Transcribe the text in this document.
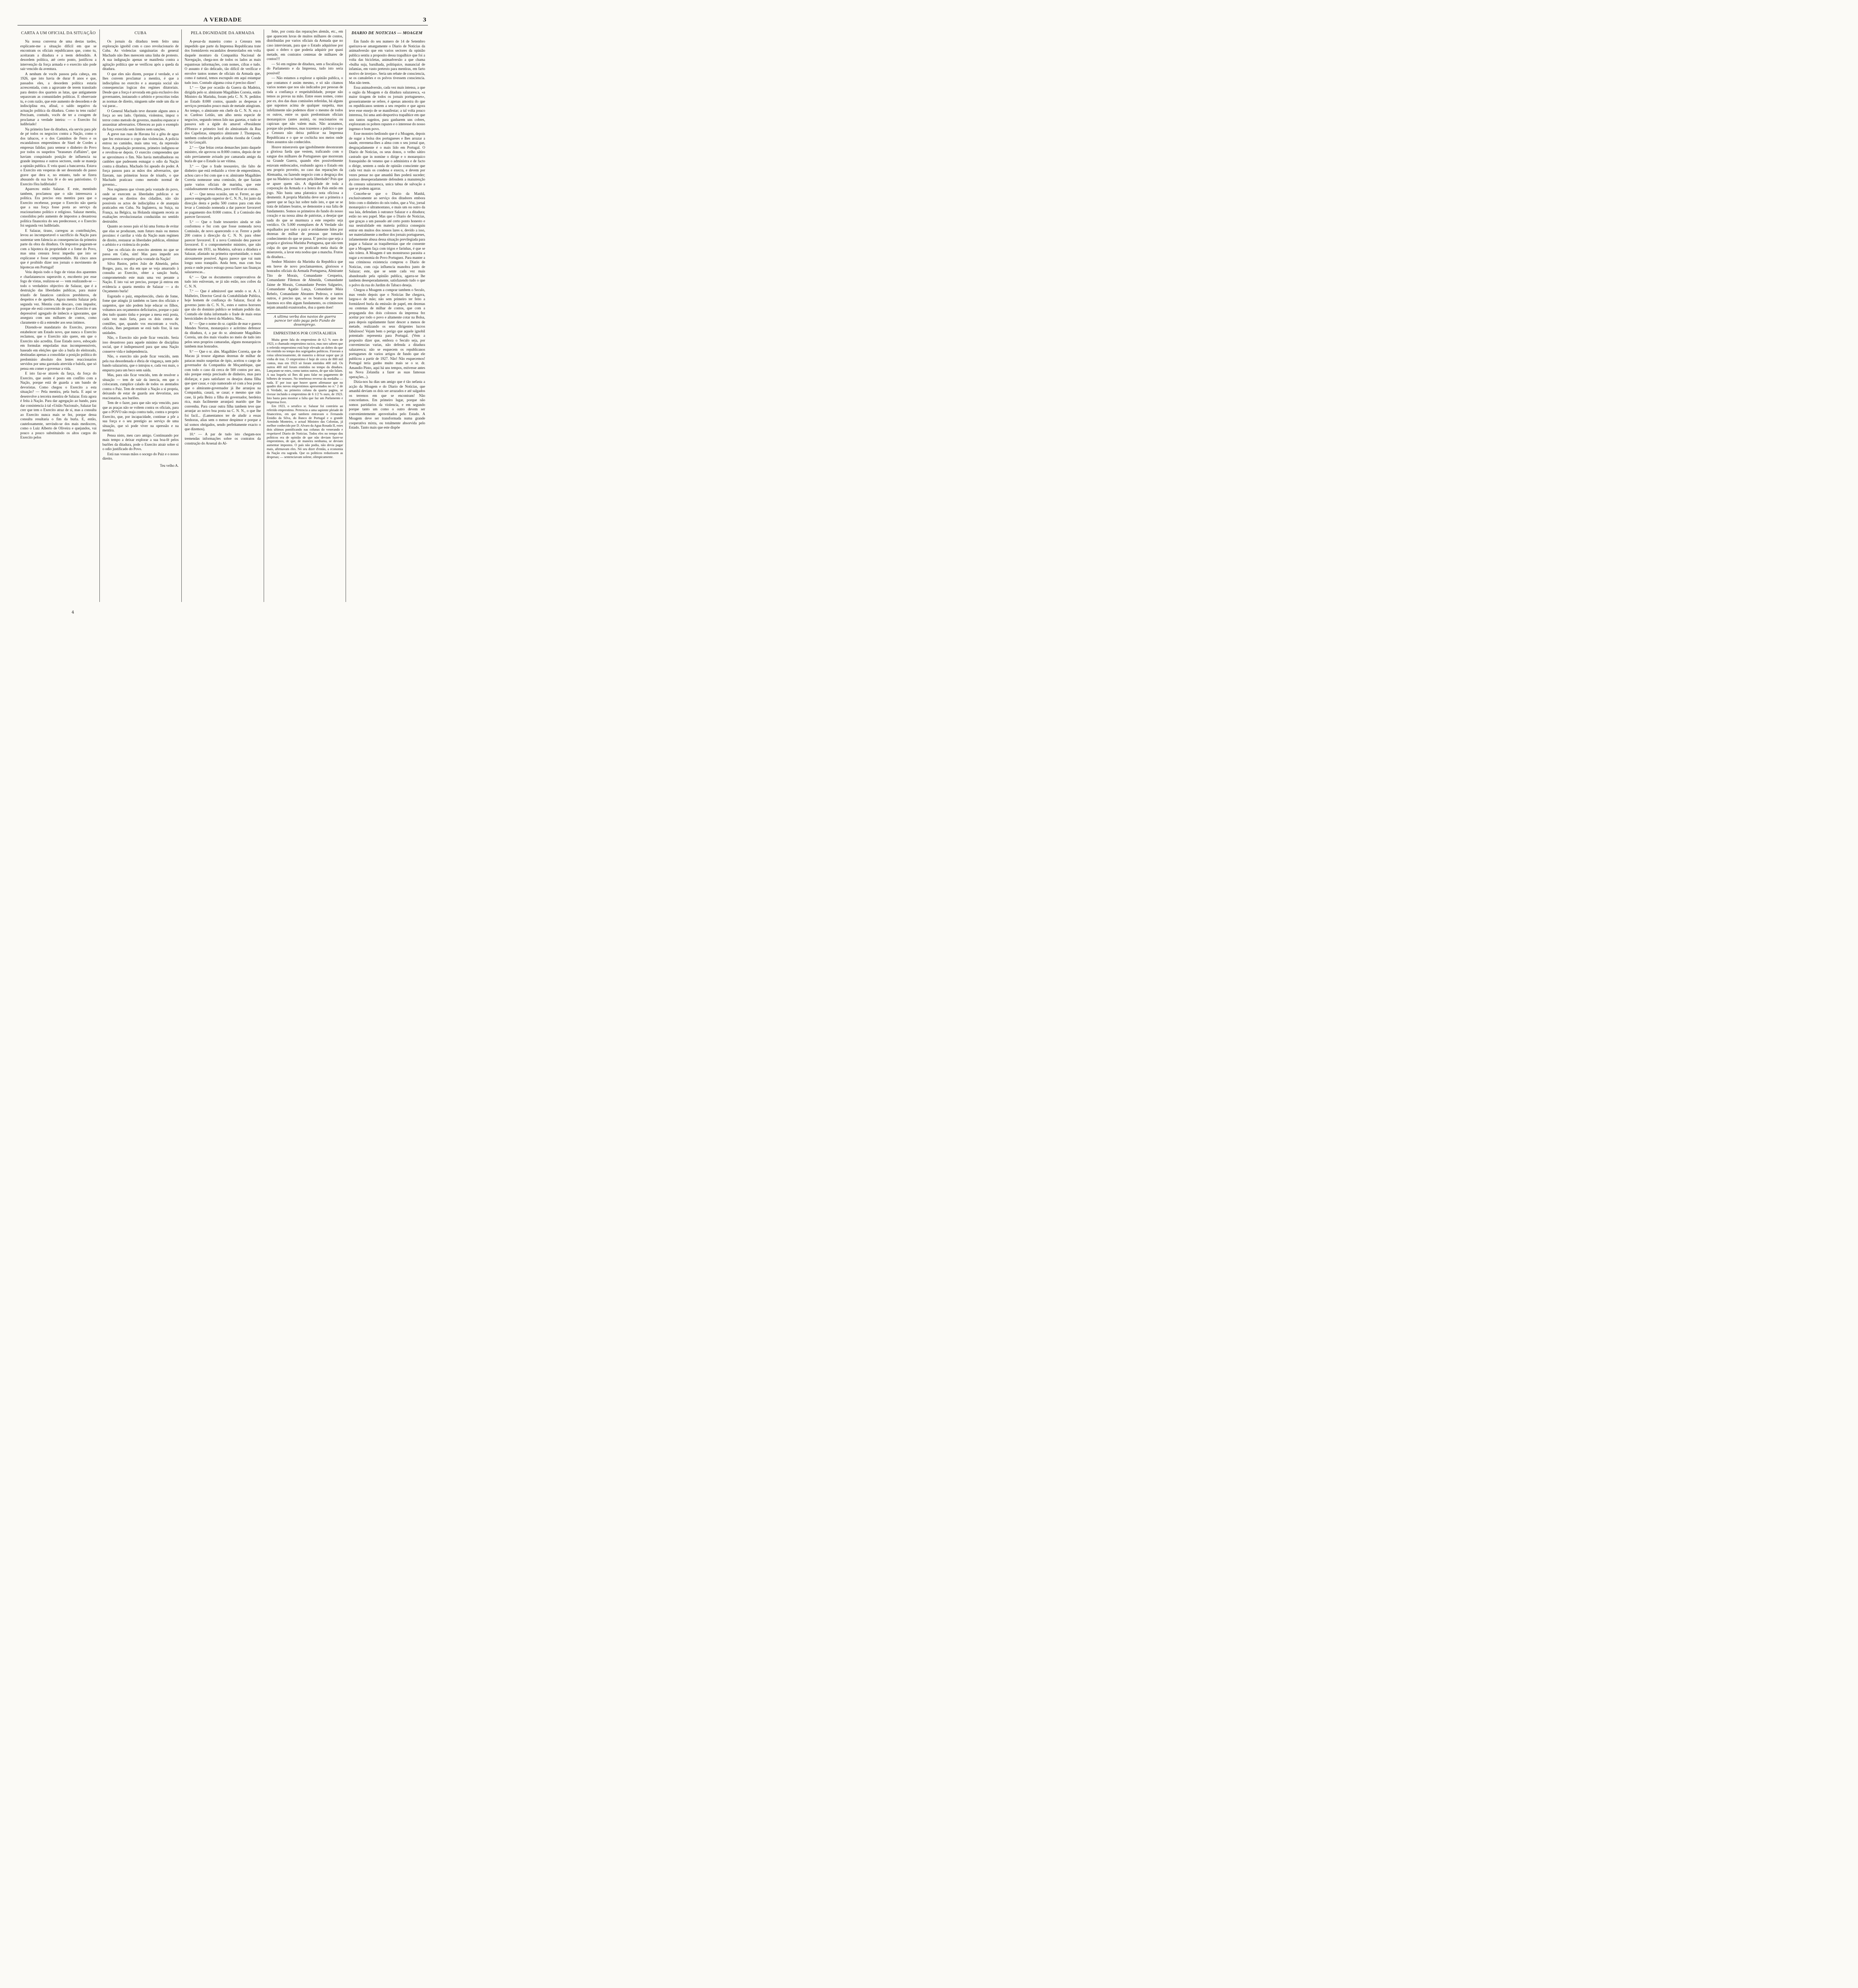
A VERDADE	3
CARTA A UM OFICIAL DA SITUAÇÃO

Na nossa conversa de uma destas tardes, explicaste-me a situação difícil em que se encontram os oficiais republicanos que, como tu, aceitaram a ditadura e a teem defendido. A desordem política, até certo ponto, justificou a intervenção da força armada e o exercito não pode sair vencido da aventura.

A nenhum de vocês passou pela cabeça, em 1926, que isto havia de durar 8 anos e que, passados eles, a desordem política estaria acrescentada, com a agravante de terem transitado para dentro dos quarteis as lutas, que antigamente separavam as comunidades políticas. E observaste tu, e com razão, que este aumento de desordem e de indisciplina era, afinal, o saldo negativo da actuação política da ditadura. Como tu tens razão! Precisam, contudo, vocês de ter a coragem de proclamar a verdade inteira: — o Exercito foi ludibriado!

Na primeira fase da ditadura, ela serviu para pôr de pé todos os negocios contra a Nação, como o dos tabacos, e o dos Caminhos de Ferro e os escandalosos emprestimos de Siuel de Cordes a empresas falidas; para semear o dinheiro do Povo por todos os suspeitos "brasseurs d'affaires", que haviam conquistado posição de influencia na grande imprensa e outros sectores, onde se maneja a opinião publica. E veiu quasi a bancarrota. Estava o Exercito em vesperas de ser desonrado do passo grave que dera e, no entanto, tudo se fizera abusando da sua boa fé e do seu patriotismo. O Exercito fôra ludibriado!

Apareceu então Salazar. E este, mentindo tambem, proclamou que o não interessava a política. Era preciso esta mentira para que o Exercito recebesse, porque o Exercito não queria que a sua força fosse posta ao serviço da reacionarismo político e religioso. Salazar mentiu, consolidou pelo aumento de impostos a desastrosa política financeira do seu predecessor, e o Exercito foi segunda vez ludibriado.

E Salazar, tirano, carregou as contribuições, levou ao incomportavel o sacrifício da Nação para sustentar sem falencia as consequencias da primeira parte da obra da ditadura. Os impostos pagaram-se com a hipoteca da propriedade e a fome do Povo, mas uma censura feroz impediu que isto se explicasse e fosse compreendido. Há cinco anos que é proibido dizer nos jornais o movimento de hipotecas em Portugal!

Veiu depois todo o fogo de vistas dos aparentes e charlatanescos superavits e, encoberto por esse fogo de vistas, realizou-se — vem realizando-se — todo o verdadeiro objectivo de Salazar, que é a destruição das liberdades publicas, para maior triunfo de fanaticos catolicos presbiteros, de despeitos e de apetites. Agora mentiu Salazar pela segunda vez. Mentiu com descaro, com impudor, porque ele está convencido de que o Exercito é um depressivel agregado de imbecis e ignorantes, que assegura com uns milhares de contos, como claramente o dá a entender aos seus intimos.

Dizendo-se mandatario do Exercito, procura estabelecer um Estado novo, que nunca o Exercito reclamou, que o Exercito não quere, em que o Exercito não acredita. Esse Estado novo, esboçado em formulas empoladas mas incompreensiveis, baseado em eleições que são a burla do eleitorado, destinadas apenas a consolidar a posição política do predominio absoluto dos lentes reaccionarios servidos por uma garotada atrevida e balofa, que só pensa em comer e governar a vida.

E isto faz-se através da farça, da força do Exercito, que assim é posto em conflito com a Nação, porque está de guarda a um bando de devoristas. Como chegou o Exercito a esta situação? — Pela mentira, pela burla. E aqui se desenvolve a terceira mentira de Salazar. Esta agora é feita à Nação. Para dar agregação ao bando, para dar consistencia à tal «União Nacional», Salazar faz crer que tem o Exercito atraz de si, mas a consulta ao Exercito nunca mais se fez, porque dessa consulta resultaria o fim da burla. E, então, cautelosamente, servindo-se dos mais mediocres, como o Luiz Alberto de Oliveira e quejandos, vai pouco a pouco substituindo os altos cargos do Exercito pelos

CUBA

Os jornais da ditadura teem feito uma exploração ignobil com o caso revolucionario de Cuba. As violencias sanguinarias do general Machado não lhes merecem uma linha de protesto. A sua indignação apenas se manifesta contra a agitação política que se verificou após a queda da ditadura.

O que eles não dizem, porque é verdade, e só lhes convem proclamar a mentira, é que a indisciplina no exercito e a anarquia social são consequencias logicas dos regimes ditatoriais. Desde que a força é arvorada em guia exclusivo dos governantes, instaurado o arbitrio e proscritas todas as normas de direito, ninguem sabe onde um dia se vai parar...

O General Machado teve durante alguns anos a força ao seu lado. Oprimiu, violentou, impoz o terror como metodo de governo, mandou espancar e assassinar adversarios. Ofereceu ao país o exemplo da força exercida sem limites nem sanções.

A greve nas ruas de Havana foi a gôta de agua que fez extravasar o copo das violencias. A policia entrou no caminho, mais uma vez, da repressão feroz. A população protestou, primeiro indignou-se e revoltou-se depois. O exercito compreendeu que se aproximava o fim. Não havia metralhadoras ou canhões que pudessem esmagar o odio da Nação contra a ditadura. Machado foi apeado do poder. A força passou para as mãos dos adversarios, que fizeram, nas primeiras horas de triunfo, o que Machado praticara como metodo normal de governo...

Nos regimens que vivem pela vontade do povo, onde se exercem as liberdades publicas e se respeitam os direitos dos cidadãos, não são possiveis os actos de indisciplina e de anarquia praticados em Cuba. Na Inglaterra, na Suiça, na França, na Belgica, na Holanda ninguem receia as exaltações revolucionarias conduzidas no sentido destruidor.

Quanto ao nosso país só há uma forma de evitar que elas se produzam, num futuro mais ou menos proximo: é carrilar a vida da Nação num regimen de direito, restaurar as liberdades publicas, eliminar o arbitrio e a violencia do poder.

Que os oficiais do exercito atentem no que se passa em Cuba, sim! Mas para impedir aos governantes o respeito pela vontade da Nação!

Silva Bastos, pelos João de Almeida, pelos Borges, para, no dia em que se veja amarrado à consulta ao Exercito, obter a sanção burla, comprometendo este mais uma vez perante a Nação. E isto vai ser preciso, porque já entrou em evidencia a quarta mentira de Salazar — a do Orçamento burla!

Esgotado o paiz, empobrecido, cheio de fome, fome que atingiu já também os lares dos oficiais e sargentos, que não podem hoje educar os filhos, voltamos aos orçamentos deficitarios, porque o paiz deu tudo quanto tinha e porque a mesa está posta, cada vez mais farta, para os dois centos de comilões, que, quando vos encontram a vocês, oficiais, lhes perguntam se está tudo fixe, lá nas unidades.

Não, o Exercito não pode ficar vencido. Seria isso desastroso para aquele minimo de disciplina social, que é indispensavel para que uma Nação conserve vida e independencia.

Não, o exercito não pode ficar vencido, nem pela rua desordenada e ébria de vingança, nem pelo bando salazarista, que o intrujou e, cada vez mais, o empurra para um beco sem saída.

Mas, para não ficar vencido, tem de resolver a situação — tem de sair da inercia, em que o colocaram, cumplice calado de todos os atentados contra o Paiz. Tem de restituir a Nação a si propria, deixando de estar de guarda aos devoristas, aos reacionarios, aos burlões.

Tem de o fazer, para que não seja vencido, para que as praças não se voltem contra os oficiais, para que o POVO não reaja contra tudo, contra o proprio Exercito, que, por incapacidade, continue a pôr a sua força e o seu prestigio ao serviço de uma situação, que só pode viver na opressão e na mentira.

Pensa nisto, meu caro amigo. Continuando por mais tempo a deixar explorar a sua boa-fé pelos burlões da ditadura, pode o Exercito atrair sobre si o odio justificado do Povo.

Está nas vossas mãos o socego do Paiz e o nosso direito.

Teu velho A.

PELA DIGNIDADE DA ARMADA

A-pesar-da maneira como a Censura tem impedido que parte da Imprensa Republicana trate dos formidaveis escandalos desenrolados em volta daquele monturo da Companhia Nacional de Navegação, chega-nos de todos os lados as mais espantosas informações, com nomes, cifras e tudo. O assunto é tão delicado, tão difícil de verificar e envolve tantos nomes de oficiais da Armada que, como é natural, temos escrupulo em aqui estampar tudo isso. Contudo alguma coisa é preciso dizer!

1.º — Que por ocasião da Guerra da Madeira, dirigida pelo sr. almirante Magalhães Correia, então Ministro da Marinha, foram pela C. N. N. pedidos ao Estado 8:000 contos, quando as despesas e serviços prestados pouco mais de metade atingiram. Ao tempo, o almirante em chefe da C. N. N. era o sr. Cardoso Leitão, um alho nesta especie de negocios, segundo temos lido nas gazetas, e tudo se passava sob a égide do amavel «Presidente d'Honra» e primeiro lord do almirantado da Rua dos Capelistas, simpatico almirante J. Thompson, tambem conhecido pela alcunha risonha de Conde de Sá Gonçalô.

2.º — Que feitas certas demarches junto daquele ministro, ele aprovou os 8:000 contos, depois de ter sido previamente avisado por camarada amigo da burla de que o Estado ia ser vitima.

3.º — Que o frade tesoureiro, tão falto de dinheiro que está reduzido a viver de emprestimos, achou caro e fez com que o sr. almirante Magalhães Correia nomeasse uma comissão, de que faziam parte varios oficiais de marinha, que este cuidadosamente escolheu, para verificar as contas.

4.º — Que nessa ocasião, um sr. Ferrer, ao que parece empregado superior de C. N. N., foi junto da direcção desta e pediu 500 contos para com eles levar a Comissão nomeada a dar parecer favoravel ao pagamento dos 8:000 contos. E a Comissão deu parecer favoravel.

5.º — Que o frade tesoureiro ainda se não conformou e fez com que fosse nomeada nova Comissão, de novo aparecendo o sr. Ferrer a pedir 200 contos à direcção da C. N. N. para obter parecer favoravel. E a nova Comissão deu parecer favoravel. E o comprometedor ministro, que não obstante em 1931, na Madeira, salvara a ditadura e Salazar, afastado na primeira oportunidade, o mais airosamente possivel. Agora parece que vai num longo sono tranquilo. Anda bem, mas com boa posta e onde pouco estrago possa fazer nas finanças salazarescas...

6.º — Que os documentos comprovativos de tudo isto estiveram, se já não estão, nos cofres da C. N. N.

7.º — Que é admiravel que sendo o sr. A. J. Malheiro, Director Geral da Contabilidade Publica, hoje homem de confiança do Salazar, fiscal do governo junto da C. N. N., estes e outros horrores que são do dominio publico se tenham podido dar. Contudo ele tinha informado o frade de mais estas heroicidades do heroi da Madeira. Mas...

8.º — Que o nome do sr. capitão de mar e guerra Mendes Norton, monarquico e acérrimo defensor da ditadura, é, a par do sr. almirante Magalhães Correia, um dos mais visados no meio de tudo isto pelos seus proprios camaradas, alguns monarquicos tambem mas honrados.

9.º — Que o sr. alm. Magalhães Correia, que de Macau já trouxe algumas dezenas de milhar de patacas muito suspeitas de ópio, aceitou o cargo de governador da Companhia de Moçambique, que com todo o caso dá cerca de 500 contos por ano, não porque esteja precisado de dinheiro, mas para disfarçar, e para satisfazer os desejos duma filha que quer casar, e cujo namorado só com a boa posta que o almirante-governador já lhe arranjou na Companhia, casará, se casar; e mesmo que não case, lá pela Beira a filha do governador, herdeira rica, mais facilmente arranjará marido que lhe convenha. Para casar outra filha tambem teve que arranjar ao noivo boa posta na C. N. N., o que lhe foi facil... (Lamentamos ter de aludir a essas Senhoras, alias sem o menor despimor e porque a tal somos obrigados, sendo perfeitamente exacto o que dizemos).

10.º — A par de tudo isto chegam-nos tremendas informações sobre os contratos da construção do Arsenal do Al-

feite, por conta das reparações alemãs, etc., em que aparecem luvas de muitos milhares de contos, distribuidas por varios oficiais da Armada que no caso intervieram, para que o Estado adquirisse por quasi o dobro o que poderia adquirir por quasi metade, em contratos centenas de milhares de contos!!!

— Só em regime de ditadura, sem a fiscalização do Parlamento e da Imprensa, tudo isto seria possivel!

— Não estamos a explorar a opinião publica, o que contamos é assim mesmo, e só não citamos varios nomes que nos são indicados por pessoas de toda a confiança e respeitabilidade, porque não temos as provas na mão. Entre esses nomes, como por ex. dos das duas comissões referidas, há alguns que supomos acima de qualquer suspeita, mas infelizmente não podemos dizer o mesmo de todos os outros, entre os quais predominam oficiais monarquicos (antes assim), ou reacionarios ou capicuas que não valem mais. Não acusamos, porque não podemos, mas trazemos a publico o que a Censura não deixa publicar na Imprensa Republicana e o que se cochicha nos meios onde êstes assuntos são conhecidos.

Houve miseraveis que ignobilmente desonraram a gloriosa farda que vestem, traficando com o sangue dos milhares de Portugueses que morreram na Grande Guerra, quando eles possivelmente estavam emboscados, roubando agora o Estado em seu proprio proveito, no caso das reparações da Alemanha, ou fazendo negocio com a desgraça dos que na Madeira se bateram pela liberdade? Pois que se apure quem são. A dignidade de toda a corporação da Armada e a honra do País então em jogo. Não basta uma platonica nota oficiosa a desmentir. A propria Marinha deve ser a primeira a querer que se faça luz sobre tudo isto, e que se se trata de infames boatos, se demonstre a sua falta de fundamento. Somos os primeiros do fundo do nosso coração e na nossa alma de patriotas, a desejar que nada do que se murmura a este respeito seja verídico. Os 5.000 exemplares de A Verdade são espalhados por todo o paiz e avidamente lidos por dezenas de milhar de pessoas que tomarão conhecimento do que se passa. E' preciso que seja a propria e gloriosa Marinha Portuguesa, que não tem culpa do que possa ter praticado meia duzia de miseraveis, a lavar esta nodoa que a mancha. Frutos da ditadura...

Senhor Ministro da Marinha da Republica que em breve de novo proclamaremos, gloriosos e honrados oficiais da Armada Portuguesa, Almirante Tito de Morais, Comandante Cerqueira, Comandante Filemon de Almeida, Comandante Jaime de Morais, Comandante Prestes Salgueiro, Comandante Agatão Lança, Comandante Maia Rebelo, Comandante Abrantes Pedroso, e tantos outros, é preciso que, se os boatos de que nos fazemos eco têm algum fundamento, os criminosos sejam amanhã exautorados, doa a quem doer!

A ultima verba dos navios de guerra parece ter sido paga pelo Fundo de desemprego.
EMPRESTIMOS POR CONTA ALHEIA

Muita gente fala do emprestimo de 6,5 % ouro de 1923, o chamado emprestimo racico, mas raro sabem que o referido emprestimo está hoje elevado ao dobro do que foi emitido no tempo dos segregados políticos. Fizeram a coisa silenciosamente, de maneira a deixar supor que já vinha de traz. O emprestimo é hoje de cerca de 800 mil contos, mas em 1923 só foram emitidos 400 mil. Os outros 400 mil foram emitidos no tempo da ditadura. Lançaram-se estes, como tantos outros, de que não falam. A sua loquela só lhes dá para falar no pagamento de bilhetes de tesouro. No tenebroso reverso da medalha — nada. E' por isso que houve quem afirmasse que no quadro dos novos emprestimos apresentados no n.º 2 de A Verdade, na primeira coluna da quarta pagina, se tivesse incluido o emprestimo de 6 1/2 % ouro, de 1923. Isto basta para mostrar a falta que faz um Parlamento e Imprensa livre.

Em 1923, o serafico sr. Salazar foi contrário ao referido emprestimo. Pertencia a uma sapiente pleiade de financeiros, em que tambem entravam o Fernando Emidio da Silva, do Banco de Portugal e o grande Armindo Monteiro, o actual Ministro das Colonias, já melhor conhecido por D. Alvaro da Agua Rosada II, estes dois ultimos pontificando nas colunas do venerando e respeitavel Diario de Noticias. Todos eles no tempo dos politicos era de opinião de que não deviam fazer-se emprestimos, de que, de maneira nenhuma, se deviam aumentar impostos. O país não podia, não devia pagar mais, afirmavam eles. Nó seu dizer d'então, a economia da Nação era sagrada. Que os politicos reduzissem as despesas; — sentenciavam solene, olimpicamente.

DIARIO DE NOTICIAS — MOAGEM

Em fundo do seu numero de 14 de Setembro queixava-se amargamente o Diario de Noticias da animadversão que em varios sectores da opinião publica sentiu a proposito dessa trapalhice que foi a volta das bicicletas, animadversão a que chama «bulha suja, barulhada, politiquice, manancial de infamias, em vasto pretexto para mentiras, em farto motivo de invejas». Seria um rebate de consciencia, se os camaleões e os polvos tivessem consciencia. Mas não teem.

Essa animadversão, cada vez mais intensa, a que o orgão da Moagem e da ditadura salazaresca, «a maior tiragem de todos os jornais portugueses», grosseiramente se refere, é apenas amostra do que os republicanos sentem a seu respeito e que agora teve esse ensejo de se manifestar; a tal volta pouco interessa, foi uma anti-desportiva trapalhice em que uns tantos sugeitos, para ganharem uns cobres, exploraram os pobres rapazes e o interesse do nosso ingenuo e bom povo.

Esse monstro hediondo que é a Moagem, depois de sugar a bolsa dos portugueses e lhes arrazar a saude, envenena-lhes a alma com o seu jornal que, desgraçadamente é o mais lido em Portugal. O Diario de Noticias, os seus donos, o velho sátiro castrado que in nomine o dirige e o monarquico fransquinho de veneno que o administra e de facto o dirige, sentem a onda de opinião consciente que cada vez mais os condena e execra, e devem por vezes pensar no que amanhã lhes poderá suceder; porisso desesperadamente defendem a manutenção da censura salazaresca, unica tabua de salvação a que se podem agarrar.

Concebe-se que o Diario da Manhã, exclusivamente ao serviço dos ditadores embora feito com o dinheiro do nós todos, que a Voz, jornal monarquico e ultramontano, e mais um ou outro da sua laia, defendam à outrance Salazar e a ditadura; estão no seu papel. Mas que o Diario de Noticias, que graças a um passado até certo ponto honesto e sua neutralidade em materia politica conseguiu entrar em muitos dos nossos lares e, devido a isso, ser materialmente a melhor dos jornais portugueses, infamemente abusa dessa situação previlegiada para pagar a Salazar as traquibernias que ele consente que a Moagem faça com trigos e farinhas, é que se não tolera. A Moagem é um monstruoso parasita a sugar a economia do Povo Portuguez. Para manter a sua criminosa existencia comprou o Diario de Noticias, com cuja influencia manobra junto de Salazar; este, que se sente cada vez mais abandonado pela opinião publica, agarra-se lhe tambem desesperadamente, satisfazendo tudo o que o polvo da rua do Jardim do Tabaco deseja.

Chegou a Moagem a comprar tambem o Seculo, mas vendo depois que o Noticias lhe chegava, largou-o de mão; não sem primeiro ter feito a formidavel burla da emissão de papel, em dezenas ou centenas de milhar de contos, que com a propaganda dos dois colossos da imprensa fez aceitar por todo o povo e altamente cotar na Bolsa, para depois rapidamente fazer descer a menos de metade, realizando os seus dirigentes lucros fabulosos! Vejam bem o perigo que aquele ignobil potentado representa para Portugal. (Vem a proposito dizer que, embora o Seculo seja, por conveniencias varias, não defenda a ditadura salazaresca; não se esquecem os republicanos portugueses de varios artigos de fundo que ele publicou a partir de 1927. Não! Não esquecemos! Portugal teria ganho muito mais se o sr. dr. Amandio Pinto, aqui há uns tempos, estivesse antes na Nova Zelandia a fazer as suas famosas operações...).

Dizia-nos ha dias um amigo que é tão nefasta a acção da Moagem e do Diario de Noticias, que amanhã deviam os dois ser arrazados e até salgados os terrenos em que se encontram! Não concordamos. Em primeiro lugar, porque não somos partidarios da violencia, e em segundo porque tanto um como o outro devem ser convenientemente aproveitados pelo Estado. A Moagem deve ser transformada numa grande cooperativa mixta, ou totalmente absorvida pelo Estado. Tanto mais que este dispõe

4
